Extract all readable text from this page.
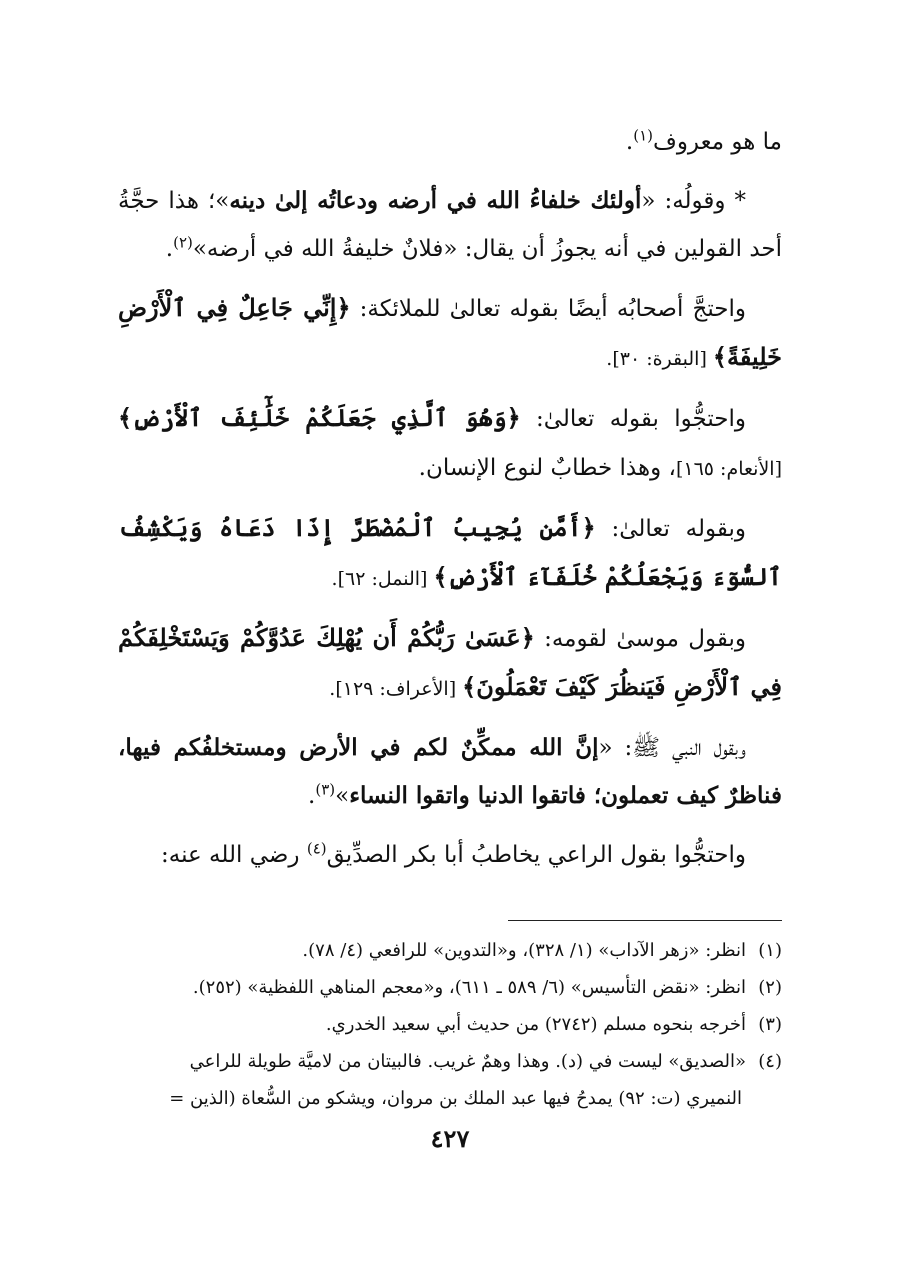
ما هو معروف$^{(١)}$.

* وقولُه: «أولئك خلفاءُ الله في أرضه ودعاتُه إلىٰ دينه»؛ هذا حجَّةُ أحد القولين في أنه يجوزُ أن يقال: «فلانٌ خليفةُ الله في أرضه»$^{(٢)}$.

واحتجَّ أصحابُه أيضًا بقوله تعالىٰ للملائكة: ﴿إِنِّي جَاعِلٌ فِي ٱلْأَرْضِ خَلِيفَةً﴾ [البقرة: ٣٠].

واحتجُّوا بقوله تعالىٰ: ﴿وَهُوَ ٱلَّذِي جَعَلَكُمْ خَلَٰٓئِفَ ٱلْأَرْضِ﴾ [الأنعام: ١٦٥]، وهذا خطابٌ لنوع الإنسان.

وبقوله تعالىٰ: ﴿أَمَّن يُجِيبُ ٱلْمُضْطَرَّ إِذَا دَعَاهُ وَيَكْشِفُ ٱلسُّوٓءَ وَيَجْعَلُكُمْ خُلَفَآءَ ٱلْأَرْضِ﴾ [النمل: ٦٢].

وبقول موسىٰ لقومه: ﴿عَسَىٰ رَبُّكُمْ أَن يُهْلِكَ عَدُوَّكُمْ وَيَسْتَخْلِفَكُمْ فِي ٱلْأَرْضِ فَيَنظُرَ كَيْفَ تَعْمَلُونَ﴾ [الأعراف: ١٢٩].

وبقول النبي ﷺ: «إنَّ الله ممكِّنٌ لكم في الأرض ومستخلفُكم فيها، فناظرٌ كيف تعملون؛ فاتقوا الدنيا واتقوا النساء»$^{(٣)}$.

واحتجُّوا بقول الراعي يخاطبُ أبا بكر الصدِّيق$^{(٤)}$ رضي الله عنه:

(١)انظر: «زهر الآداب» (١/ ٣٢٨)، و«التدوين» للرافعي (٤/ ٧٨).

(٢)انظر: «نقض التأسيس» (٦/ ٥٨٩ ـ ٦١١)، و«معجم المناهي اللفظية» (٢٥٢).

(٣)أخرجه بنحوه مسلم (٢٧٤٢) من حديث أبي سعيد الخدري.

(٤)«الصديق» ليست في (د). وهذا وهمٌ غريب. فالبيتان من لاميَّة طويلة للراعي

النميري (ت: ٩٢) يمدحُ فيها عبد الملك بن مروان، ويشكو من السُّعاة (الذين =

٤٢٧
